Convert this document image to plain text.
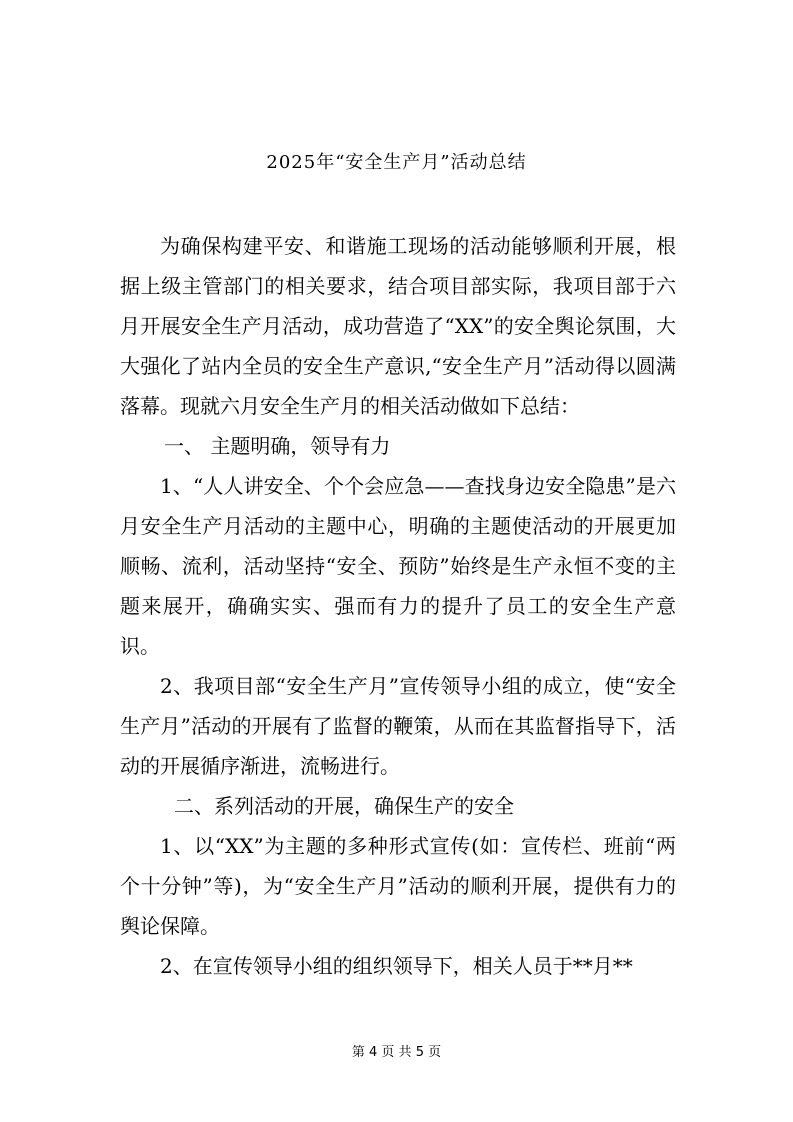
2025年“安全生产月”活动总结

为确保构建平安、和谐施工现场的活动能够顺利开展，根据上级主管部门的相关要求，结合项目部实际，我项目部于六月开展安全生产月活动，成功营造了“XX”的安全舆论氛围，大大强化了站内全员的安全生产意识,“安全生产月”活动得以圆满落幕。现就六月安全生产月的相关活动做如下总结：

一、 主题明确，领导有力

1、“人人讲安全、个个会应急——查找身边安全隐患”是六月安全生产月活动的主题中心，明确的主题使活动的开展更加顺畅、流利，活动坚持“安全、预防”始终是生产永恒不变的主题来展开，确确实实、强而有力的提升了员工的安全生产意识。

2、我项目部“安全生产月”宣传领导小组的成立，使“安全生产月”活动的开展有了监督的鞭策，从而在其监督指导下，活动的开展循序渐进，流畅进行。

二、系列活动的开展，确保生产的安全

1、以“XX”为主题的多种形式宣传(如：宣传栏、班前“两个十分钟”等)，为“安全生产月”活动的顺利开展，提供有力的舆论保障。

2、在宣传领导小组的组织领导下，相关人员于**月**

第 4 页 共 5 页
